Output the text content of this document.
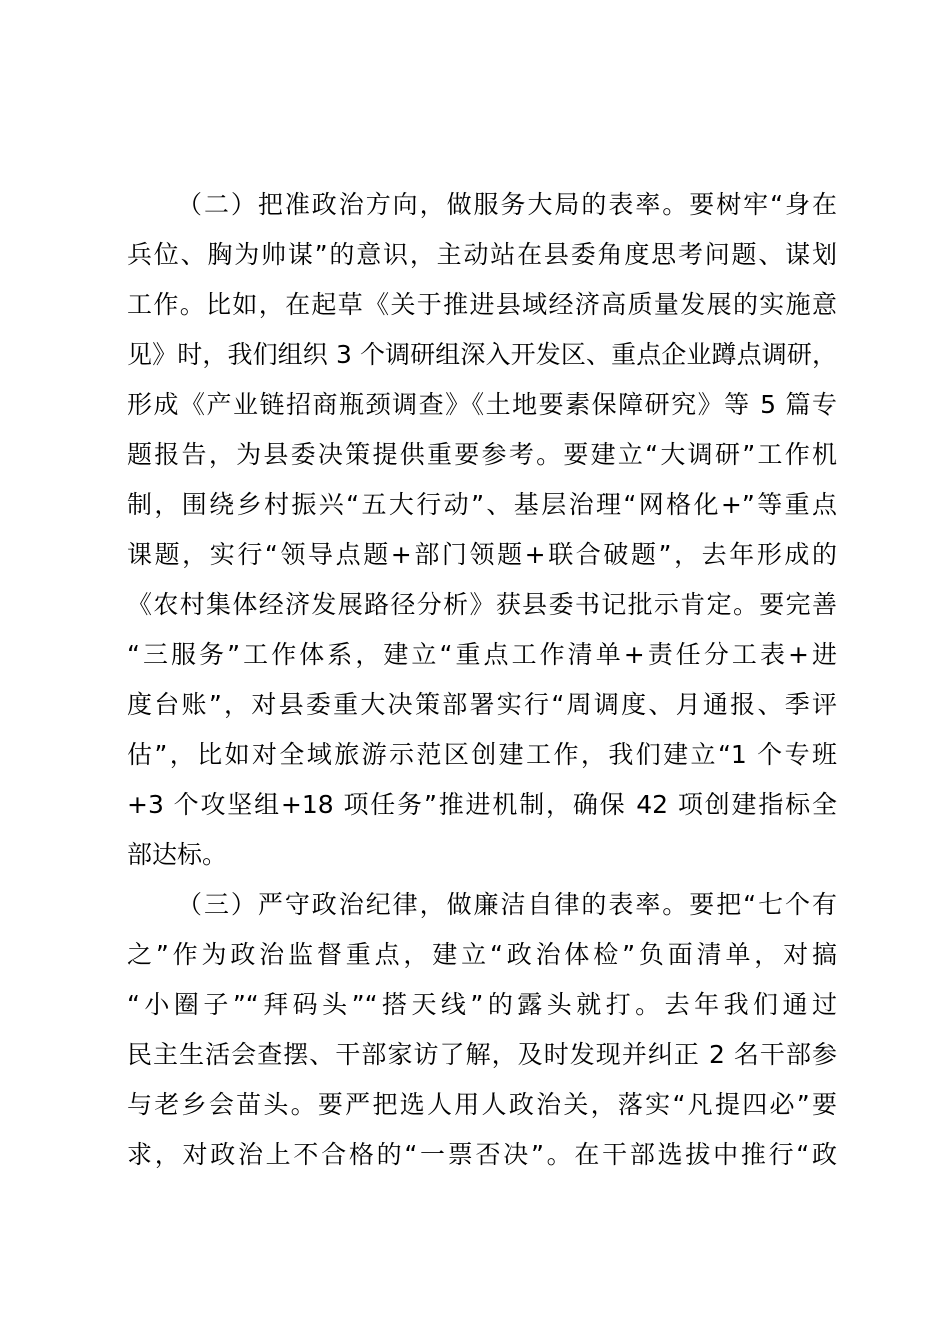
（二）把准政治方向，做服务大局的表率。要树牢“身在

兵位、胸为帅谋”的意识，主动站在县委角度思考问题、谋划

工作。比如，在起草《关于推进县域经济高质量发展的实施意

见》时，我们组织 3 个调研组深入开发区、重点企业蹲点调研，

形成《产业链招商瓶颈调查》《土地要素保障研究》等 5 篇专

题报告，为县委决策提供重要参考。要建立“大调研”工作机

制，围绕乡村振兴“五大行动”、基层治理“网格化+”等重点

课题，实行“领导点题+部门领题+联合破题”，去年形成的

《农村集体经济发展路径分析》获县委书记批示肯定。要完善

“三服务”工作体系，建立“重点工作清单+责任分工表+进

度台账”，对县委重大决策部署实行“周调度、月通报、季评

估”，比如对全域旅游示范区创建工作，我们建立“1 个专班

+3 个攻坚组+18 项任务”推进机制，确保 42 项创建指标全

部达标。

（三）严守政治纪律，做廉洁自律的表率。要把“七个有

之”作为政治监督重点，建立“政治体检”负面清单，对搞

“小圈子”“拜码头”“搭天线”的露头就打。去年我们通过

民主生活会查摆、干部家访了解，及时发现并纠正 2 名干部参

与老乡会苗头。要严把选人用人政治关，落实“凡提四必”要

求，对政治上不合格的“一票否决”。在干部选拔中推行“政
